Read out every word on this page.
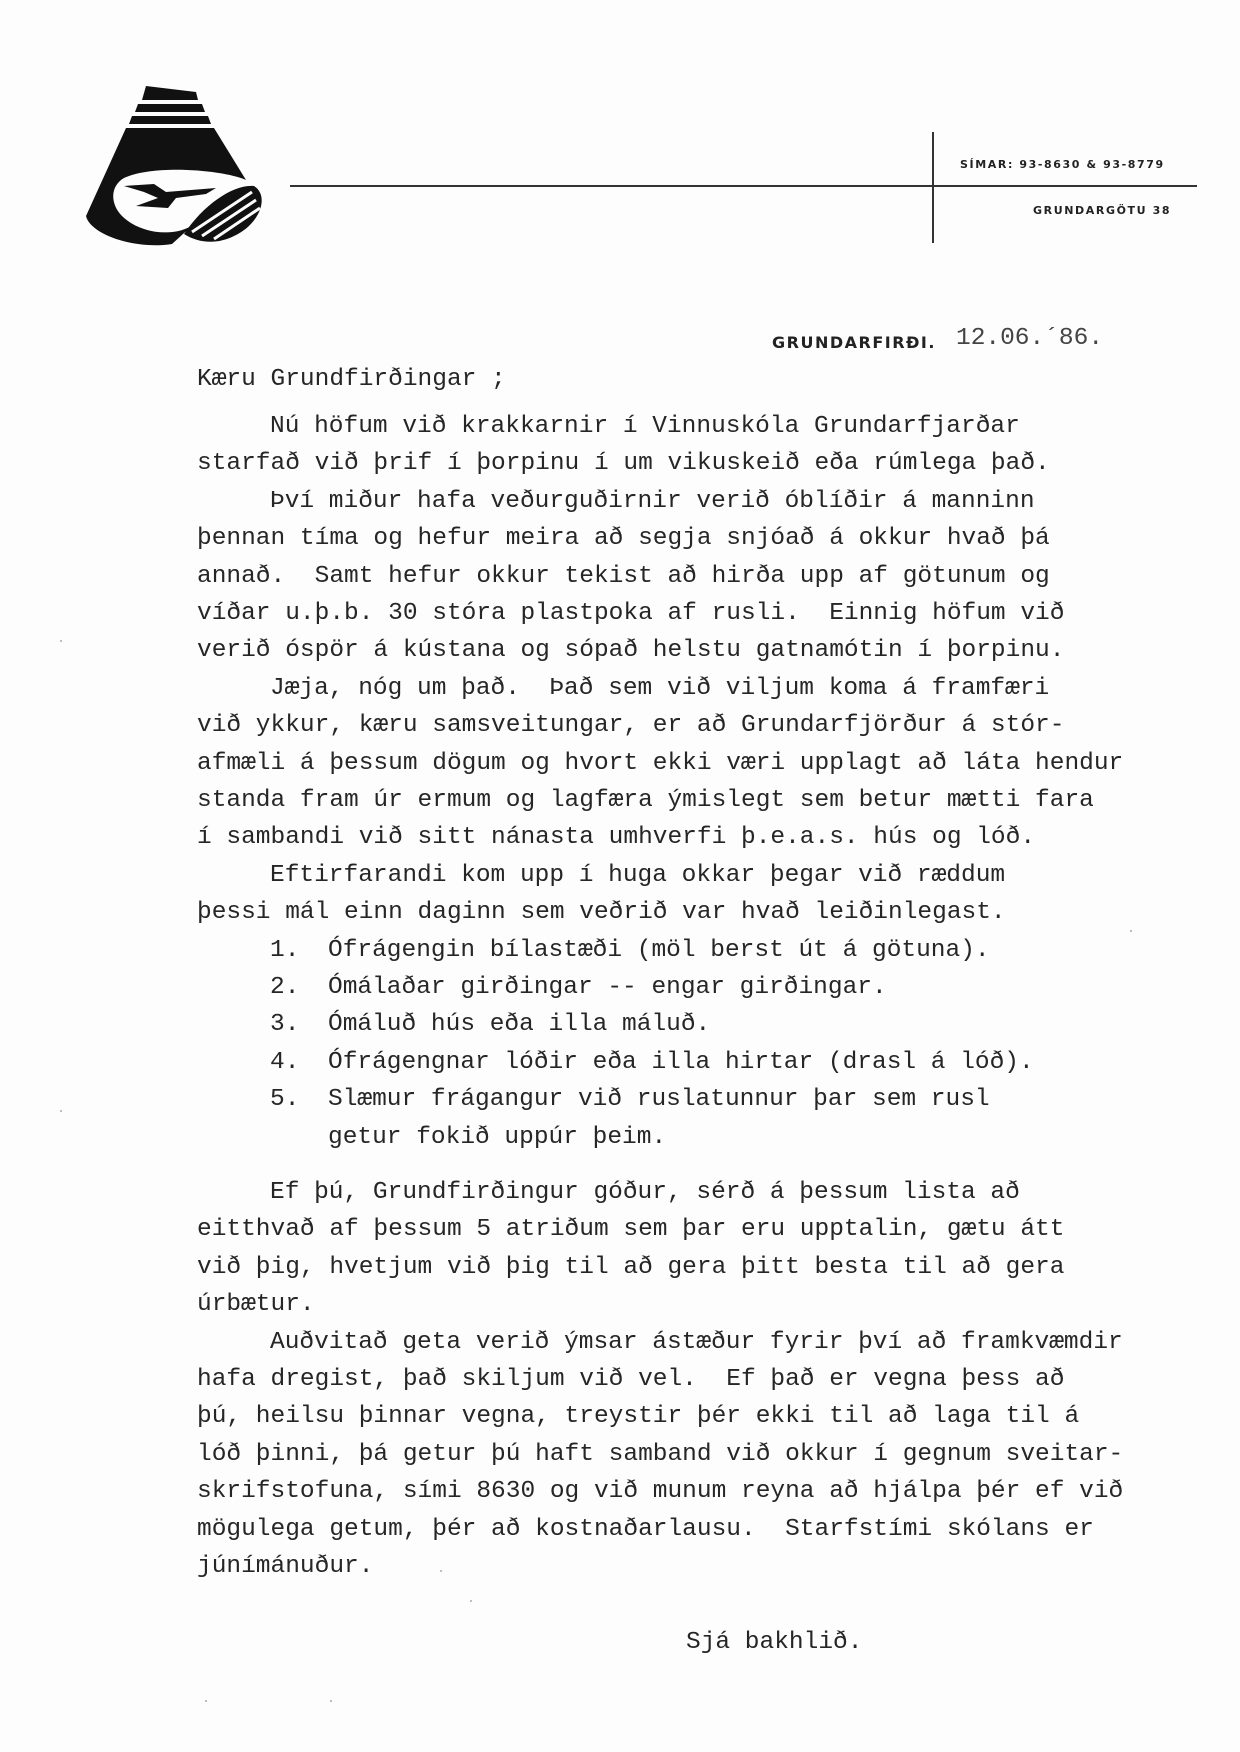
SÍMAR: 93-8630 & 93-8779
GRUNDARGÖTU 38
GRUNDARFIRÐI. 12.06.´86.
Kæru Grundfirðingar ;
Nú höfum við krakkarnir í Vinnuskóla Grundarfjarðar
starfað við þrif í þorpinu í um vikuskeið eða rúmlega það.
Því miður hafa veðurguðirnir verið óblíðir á manninn
þennan tíma og hefur meira að segja snjóað á okkur hvað þá
annað.  Samt hefur okkur tekist að hirða upp af götunum og
víðar u.þ.b. 30 stóra plastpoka af rusli.  Einnig höfum við
verið óspör á kústana og sópað helstu gatnamótin í þorpinu.
Jæja, nóg um það.  Það sem við viljum koma á framfæri
við ykkur, kæru samsveitungar, er að Grundarfjörður á stór-
afmæli á þessum dögum og hvort ekki væri upplagt að láta hendur
standa fram úr ermum og lagfæra ýmislegt sem betur mætti fara
í sambandi við sitt nánasta umhverfi þ.e.a.s. hús og lóð.
Eftirfarandi kom upp í huga okkar þegar við ræddum
þessi mál einn daginn sem veðrið var hvað leiðinlegast.
1. Ófrágengin bílastæði (möl berst út á götuna).
2. Ómálaðar girðingar -- engar girðingar.
3. Ómáluð hús eða illa máluð.
4. Ófrágengnar lóðir eða illa hirtar (drasl á lóð).
5. Slæmur frágangur við ruslatunnur þar sem rusl
getur fokið uppúr þeim.
Ef þú, Grundfirðingur góður, sérð á þessum lista að
eitthvað af þessum 5 atriðum sem þar eru upptalin, gætu átt
við þig, hvetjum við þig til að gera þitt besta til að gera
úrbætur.
Auðvitað geta verið ýmsar ástæður fyrir því að framkvæmdir
hafa dregist, það skiljum við vel.  Ef það er vegna þess að
þú, heilsu þinnar vegna, treystir þér ekki til að laga til á
lóð þinni, þá getur þú haft samband við okkur í gegnum sveitar-
skrifstofuna, sími 8630 og við munum reyna að hjálpa þér ef við
mögulega getum, þér að kostnaðarlausu.  Starfstími skólans er
júnímánuður.
Sjá bakhlið.
